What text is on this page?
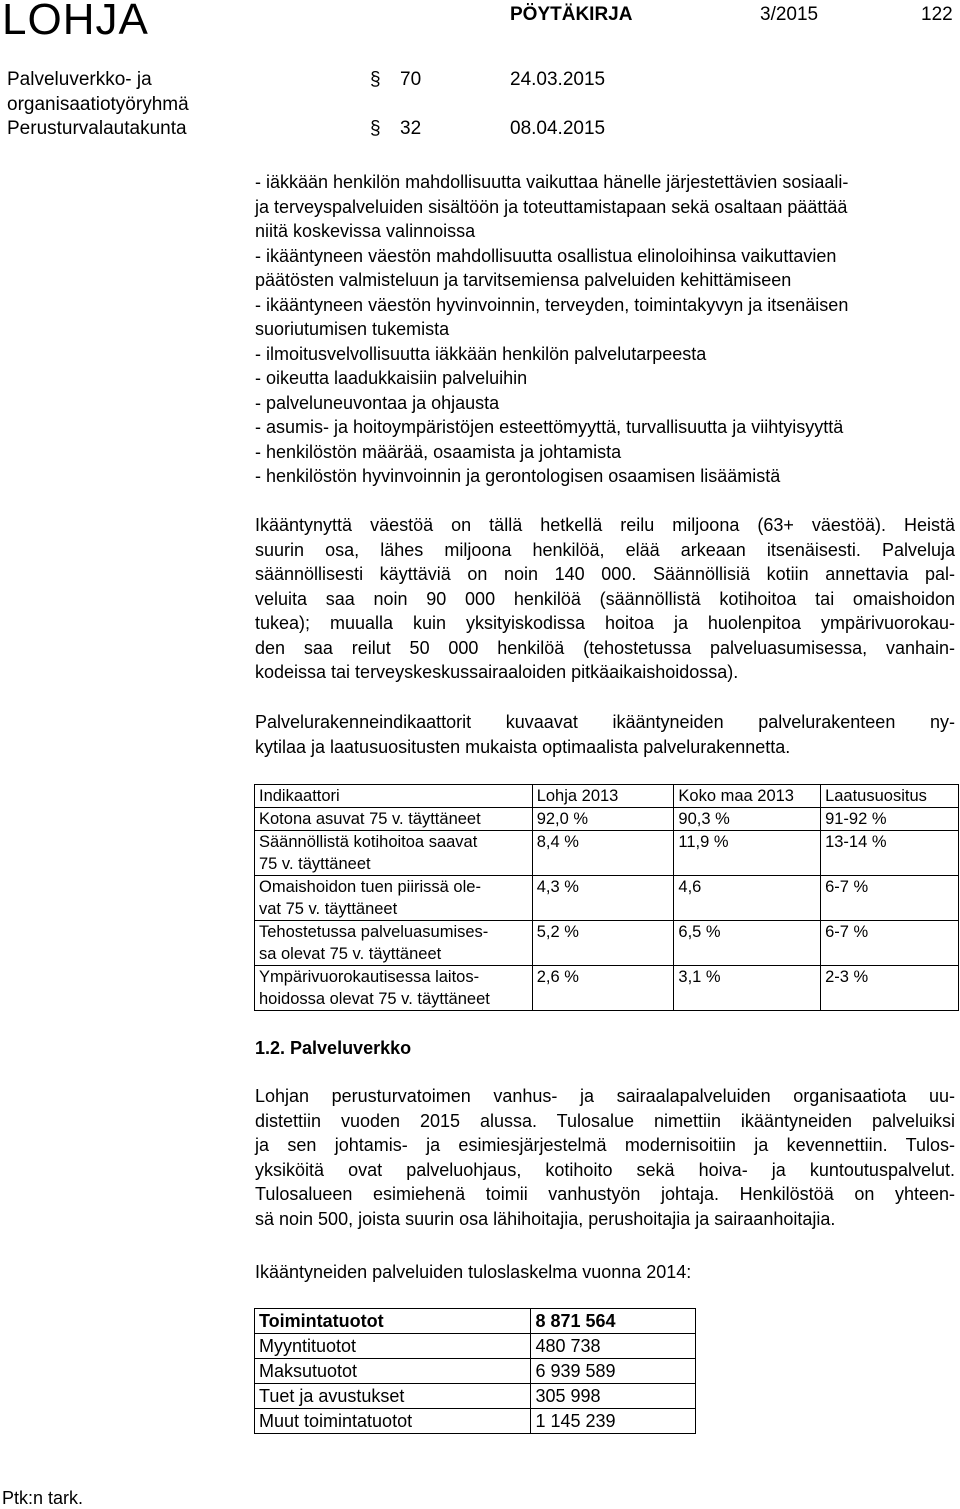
LOHJA	PÖYTÄKIRJA	3/2015	122
Palveluverkko- ja
organisaatiotyöryhmä
§ 70	24.03.2015
Perusturvalautakunta	§ 32	08.04.2015
- iäkkään henkilön mahdollisuutta vaikuttaa hänelle järjestettävien sosiaali-
ja terveyspalveluiden sisältöön ja toteuttamistapaan sekä osaltaan päättää
niitä koskevissa valinnoissa
- ikääntyneen väestön mahdollisuutta osallistua elinoloihinsa vaikuttavien
päätösten valmisteluun ja tarvitsemiensa palveluiden kehittämiseen
- ikääntyneen väestön hyvinvoinnin, terveyden, toimintakyvyn ja itsenäisen
suoriutumisen tukemista
- ilmoitusvelvollisuutta iäkkään henkilön palvelutarpeesta
- oikeutta laadukkaisiin palveluihin
- palveluneuvontaa ja ohjausta
- asumis- ja hoitoympäristöjen esteettömyyttä, turvallisuutta ja viihtyisyyttä
- henkilöstön määrää, osaamista ja johtamista
- henkilöstön hyvinvoinnin ja gerontologisen osaamisen lisäämistä
Ikääntynyttä väestöä on tällä hetkellä reilu miljoona (63+ väestöä). Heistä
suurin osa, lähes miljoona henkilöä, elää arkeaan itsenäisesti. Palveluja
säännöllisesti käyttäviä on noin 140 000. Säännöllisiä kotiin annettavia pal-
veluita saa noin 90 000 henkilöä (säännöllistä kotihoitoa tai omaishoidon
tukea); muualla kuin yksityiskodissa hoitoa ja huolenpitoa ympärivuorokau-
den saa reilut 50 000 henkilöä (tehostetussa palveluasumisessa, vanhain-
kodeissa tai terveyskeskussairaaloiden pitkäaikaishoidossa).
Palvelurakenneindikaattorit kuvaavat ikääntyneiden palvelurakenteen ny-
kytilaa ja laatusuositusten mukaista optimaalista palvelurakennetta.
Indikaattori	Lohja 2013	Koko maa 2013	Laatusuositus
Kotona asuvat 75 v. täyttäneet	92,0 %	90,3 %	91-92 %
Säännöllistä kotihoitoa saavat
75 v. täyttäneet	8,4 %	11,9 %	13-14 %
Omaishoidon tuen piirissä ole-
vat 75 v. täyttäneet	4,3 %	4,6	6-7 %
Tehostetussa palveluasumises-
sa olevat 75 v. täyttäneet	5,2 %	6,5 %	6-7 %
Ympärivuorokautisessa laitos-
hoidossa olevat 75 v. täyttäneet	2,6 %	3,1 %	2-3 %
1.2. Palveluverkko
Lohjan perusturvatoimen vanhus- ja sairaalapalveluiden organisaatiota uu-
distettiin vuoden 2015 alussa. Tulosalue nimettiin ikääntyneiden palveluiksi
ja sen johtamis- ja esimiesjärjestelmä modernisoitiin ja kevennettiin. Tulos-
yksiköitä ovat palveluohjaus, kotihoito sekä hoiva- ja kuntoutuspalvelut.
Tulosalueen esimiehenä toimii vanhustyön johtaja. Henkilöstöä on yhteen-
sä noin 500, joista suurin osa lähihoitajia, perushoitajia ja sairaanhoitajia.
Ikääntyneiden palveluiden tuloslaskelma vuonna 2014:
Toimintatuotot	8 871 564
Myyntituotot	480 738
Maksutuotot	6 939 589
Tuet ja avustukset	305 998
Muut toimintatuotot	1 145 239
Ptk:n tark.
